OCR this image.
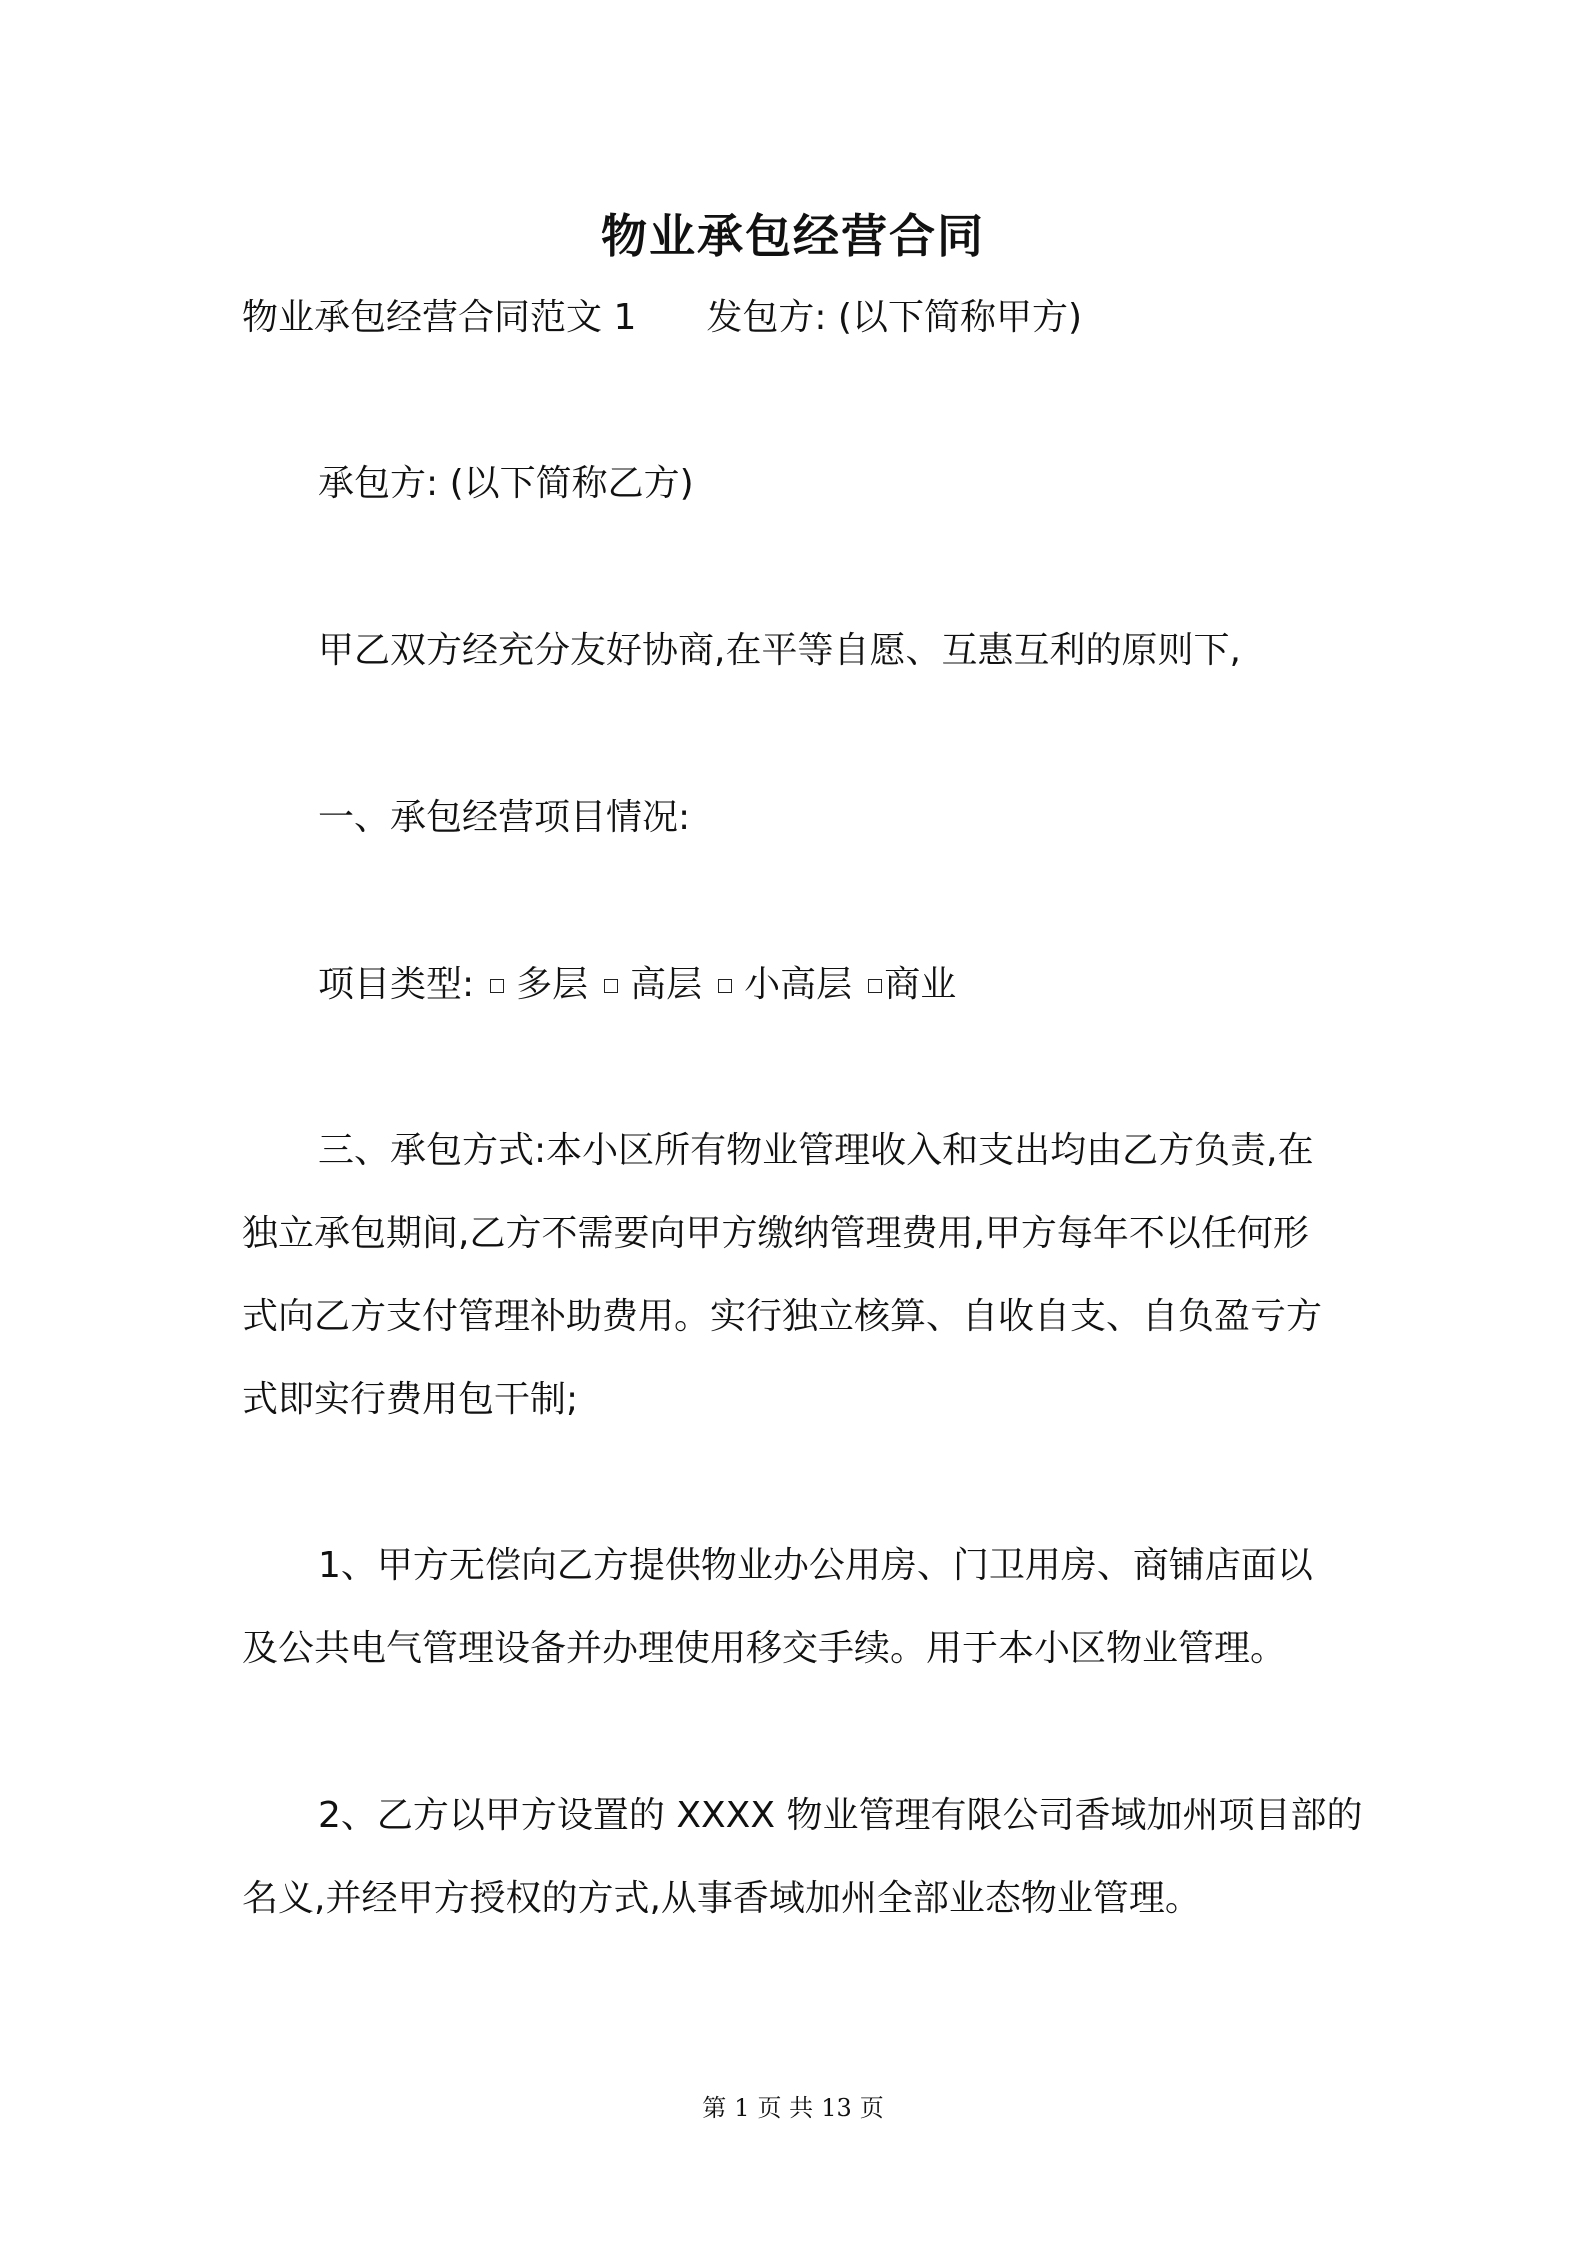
物业承包经营合同
物业承包经营合同范文 1 发包方: (以下简称甲方)
承包方: (以下简称乙方)
甲乙双方经充分友好协商,在平等自愿、互惠互利的原则下,
一、承包经营项目情况:
项目类型: 多层 高层 小高层 商业
三、承包方式:本小区所有物业管理收入和支出均由乙方负责,在
独立承包期间,乙方不需要向甲方缴纳管理费用,甲方每年不以任何形
式向乙方支付管理补助费用。实行独立核算、自收自支、自负盈亏方
式即实行费用包干制;
1、甲方无偿向乙方提供物业办公用房、门卫用房、商铺店面以
及公共电气管理设备并办理使用移交手续。用于本小区物业管理。
2、乙方以甲方设置的 XXXX 物业管理有限公司香域加州项目部的
名义,并经甲方授权的方式,从事香域加州全部业态物业管理。
第 1 页 共 13 页
